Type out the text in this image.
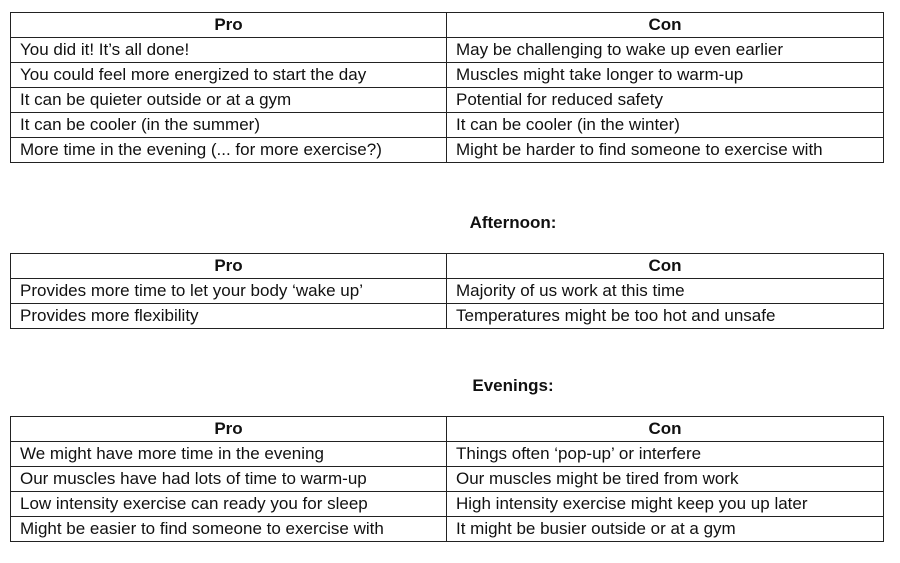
Pro	Con
You did it! It’s all done!	May be challenging to wake up even earlier
You could feel more energized to start the day	Muscles might take longer to warm-up
It can be quieter outside or at a gym	Potential for reduced safety
It can be cooler (in the summer)	It can be cooler (in the winter)
More time in the evening (... for more exercise?)	Might be harder to find someone to exercise with
Afternoon:
Pro	Con
Provides more time to let your body ‘wake up’	Majority of us work at this time
Provides more flexibility	Temperatures might be too hot and unsafe
Evenings:
Pro	Con
We might have more time in the evening	Things often ‘pop-up’ or interfere
Our muscles have had lots of time to warm-up	Our muscles might be tired from work
Low intensity exercise can ready you for sleep	High intensity exercise might keep you up later
Might be easier to find someone to exercise with	It might be busier outside or at a gym
